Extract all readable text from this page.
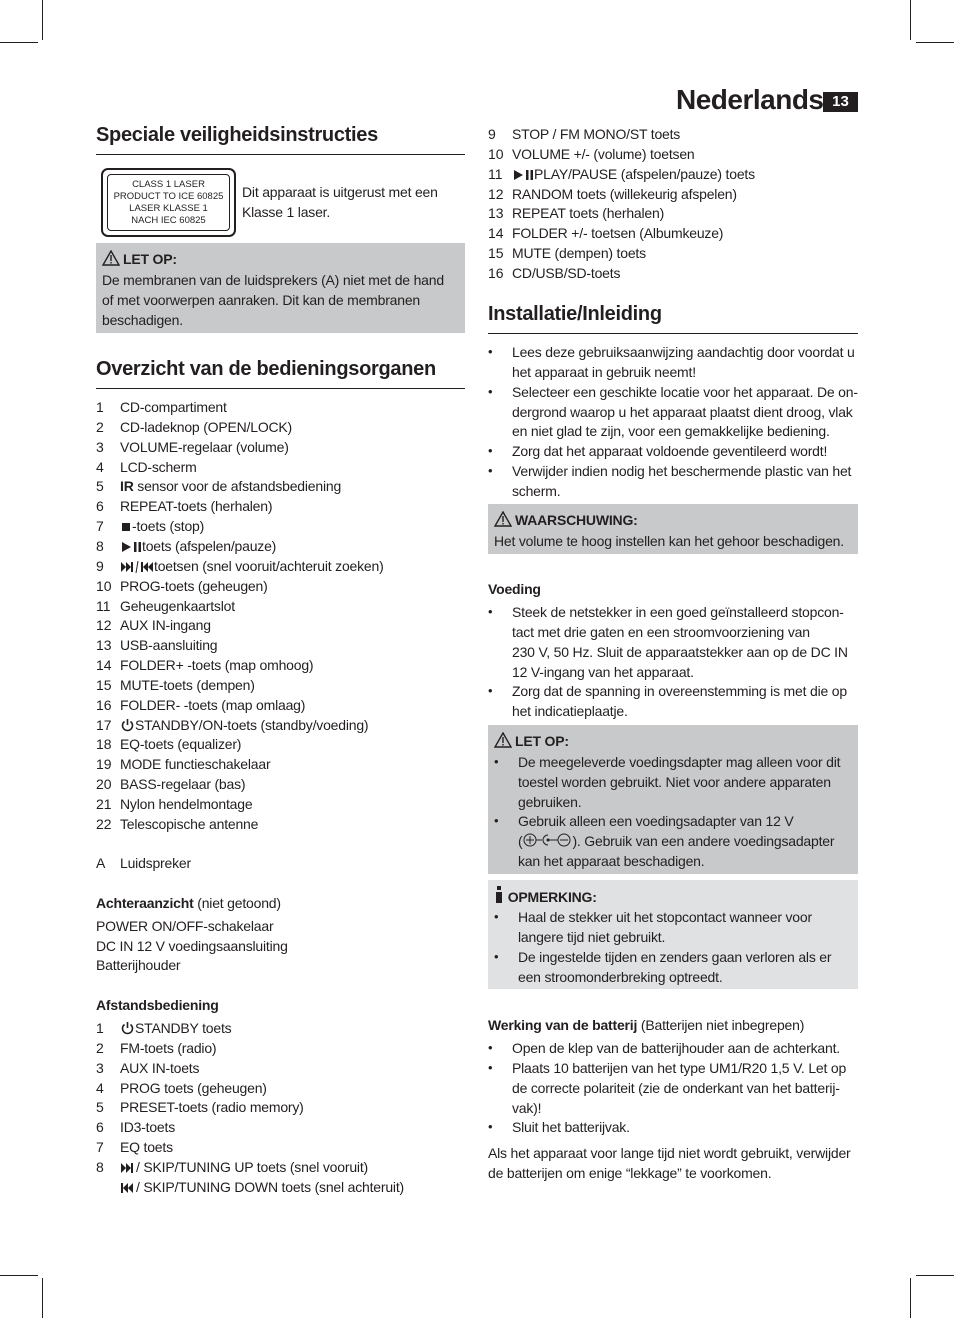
Nederlands 13
Speciale veiligheidsinstructies
CLASS 1 LASER
PRODUCT TO ICE 60825
LASER KLASSE 1
NACH IEC 60825
Dit apparaat is uitgerust met een
Klasse 1 laser.
LET OP:
De membranen van de luidsprekers (A) niet met de hand
of met voorwerpen aanraken. Dit kan de membranen
beschadigen.
Overzicht van de bedieningsorganen
1 CD-compartiment
2 CD-ladeknop (OPEN/LOCK)
3 VOLUME-regelaar (volume)
4 LCD-scherm
5 IR sensor voor de afstandsbediening
6 REPEAT-toets (herhalen)
7	-toets (stop)
8	toets (afspelen/pauze)
9	toetsen (snel vooruit/achteruit zoeken)
10 PROG-toets (geheugen)
11 Geheugenkaartslot
12 AUX IN-ingang
13 USB-aansluiting
14 FOLDER+ -toets (map omhoog)
15 MUTE-toets (dempen)
16 FOLDER- -toets (map omlaag)
17	STANDBY/ON-toets (standby/voeding)
18 EQ-toets (equalizer)
19 MODE functieschakelaar
20 BASS-regelaar (bas)
21 Nylon hendelmontage
22 Telescopische antenne
A Luidspreker
Achteraanzicht (niet getoond)
POWER ON/OFF-schakelaar
DC IN 12 V voedingsaansluiting
Batterijhouder
Afstandsbediening
1	STANDBY toets
2 FM-toets (radio)
3 AUX IN-toets
4 PROG toets (geheugen)
5 PRESET-toets (radio memory)
6 ID3-toets
7 EQ toets
8	/ SKIP/TUNING UP toets (snel vooruit)
/ SKIP/TUNING DOWN toets (snel achteruit)
9 STOP / FM MONO/ST toets
10 VOLUME +/- (volume) toetsen
11	PLAY/PAUSE (afspelen/pauze) toets
12 RANDOM toets (willekeurig afspelen)
13 REPEAT toets (herhalen)
14 FOLDER +/- toetsen (Albumkeuze)
15 MUTE (dempen) toets
16 CD/USB/SD-toets
Installatie/Inleiding
• Lees deze gebruiksaanwijzing aandachtig door voordat u
het apparaat in gebruik neemt!
• Selecteer een geschikte locatie voor het apparaat. De on-
dergrond waarop u het apparaat plaatst dient droog, vlak
en niet glad te zijn, voor een gemakkelijke bediening.
• Zorg dat het apparaat voldoende geventileerd wordt!
• Verwijder indien nodig het beschermende plastic van het
scherm.
WAARSCHUWING:
Het volume te hoog instellen kan het gehoor beschadigen.
Voeding
• Steek de netstekker in een goed geïnstalleerd stopcon-
tact met drie gaten en een stroomvoorziening van
230 V, 50 Hz. Sluit de apparaatstekker aan op de DC IN
12 V-ingang van het apparaat.
• Zorg dat de spanning in overeenstemming is met die op
het indicatieplaatje.
LET OP:
• De meegeleverde voedingsdapter mag alleen voor dit
toestel worden gebruikt. Niet voor andere apparaten
gebruiken.
• Gebruik alleen een voedingsadapter van 12 V
(	). Gebruik van een andere voedingsadapter
kan het apparaat beschadigen.
OPMERKING:
• Haal de stekker uit het stopcontact wanneer voor
langere tijd niet gebruikt.
• De ingestelde tijden en zenders gaan verloren als er
een stroomonderbreking optreedt.
Werking van de batterij (Batterijen niet inbegrepen)
• Open de klep van de batterijhouder aan de achterkant.
• Plaats 10 batterijen van het type UM1/R20 1,5 V. Let op
de correcte polariteit (zie de onderkant van het batterij-
vak)!
• Sluit het batterijvak.
Als het apparaat voor lange tijd niet wordt gebruikt, verwijder
de batterijen om enige “lekkage” te voorkomen.
